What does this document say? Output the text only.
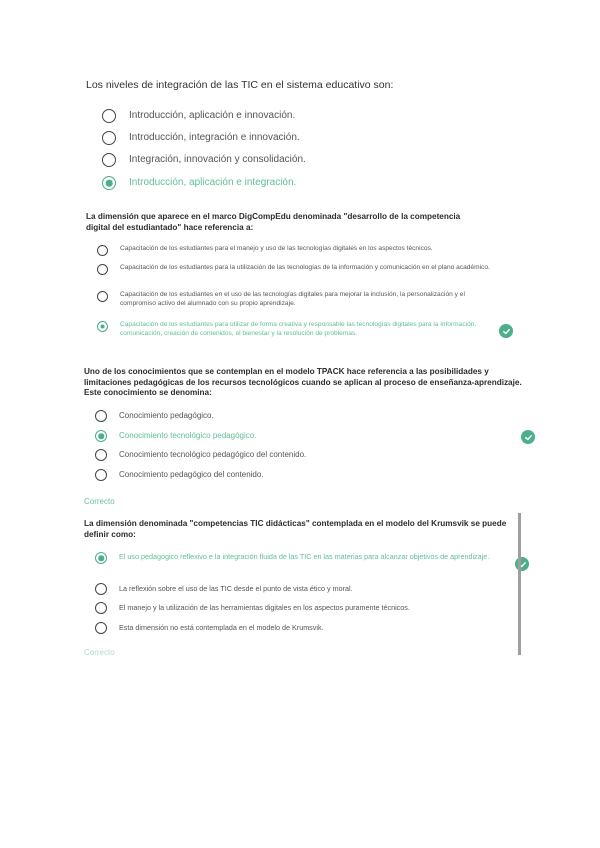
Los niveles de integración de las TIC en el sistema educativo son:
Introducción, aplicación e innovación.
Introducción, integración e innovación.
Integración, innovación y consolidación.
Introducción, aplicación e integración.
La dimensión que aparece en el marco DigCompEdu denominada "desarrollo de la competencia digital del estudiantado" hace referencia a:
Capacitación de los estudiantes para el manejo y uso de las tecnologías digitales en los aspectos técnicos.
Capacitación de los estudiantes para la utilización de las tecnologías de la información y comunicación en el plano académico.
Capacitación de los estudiantes en el uso de las tecnologías digitales para mejorar la inclusión, la personalización y el compromiso activo del alumnado con su propio aprendizaje.
Capacitación de los estudiantes para utilizar de forma creativa y responsable las tecnologías digitales para la información, comunicación, creación de contenidos, el bienestar y la resolución de problemas.
Uno de los conocimientos que se contemplan en el modelo TPACK hace referencia a las posibilidades y limitaciones pedagógicas de los recursos tecnológicos cuando se aplican al proceso de enseñanza-aprendizaje. Este conocimiento se denomina:
Conocimiento pedagógico.
Conocimiento tecnológico pedagógico.
Conocimiento tecnológico pedagógico del contenido.
Conocimiento pedagógico del contenido.
Correcto
La dimensión denominada "competencias TIC didácticas" contemplada en el modelo del Krumsvik se puede definir como:
El uso pedagógico reflexivo e la integración fluida de las TIC en las materias para alcanzar objetivos de aprendizaje.
La reflexión sobre el uso de las TIC desde el punto de vista ético y moral.
El manejo y la utilización de las herramientas digitales en los aspectos puramente técnicos.
Esta dimensión no está contemplada en el modelo de Krumsvik.
Correcto
